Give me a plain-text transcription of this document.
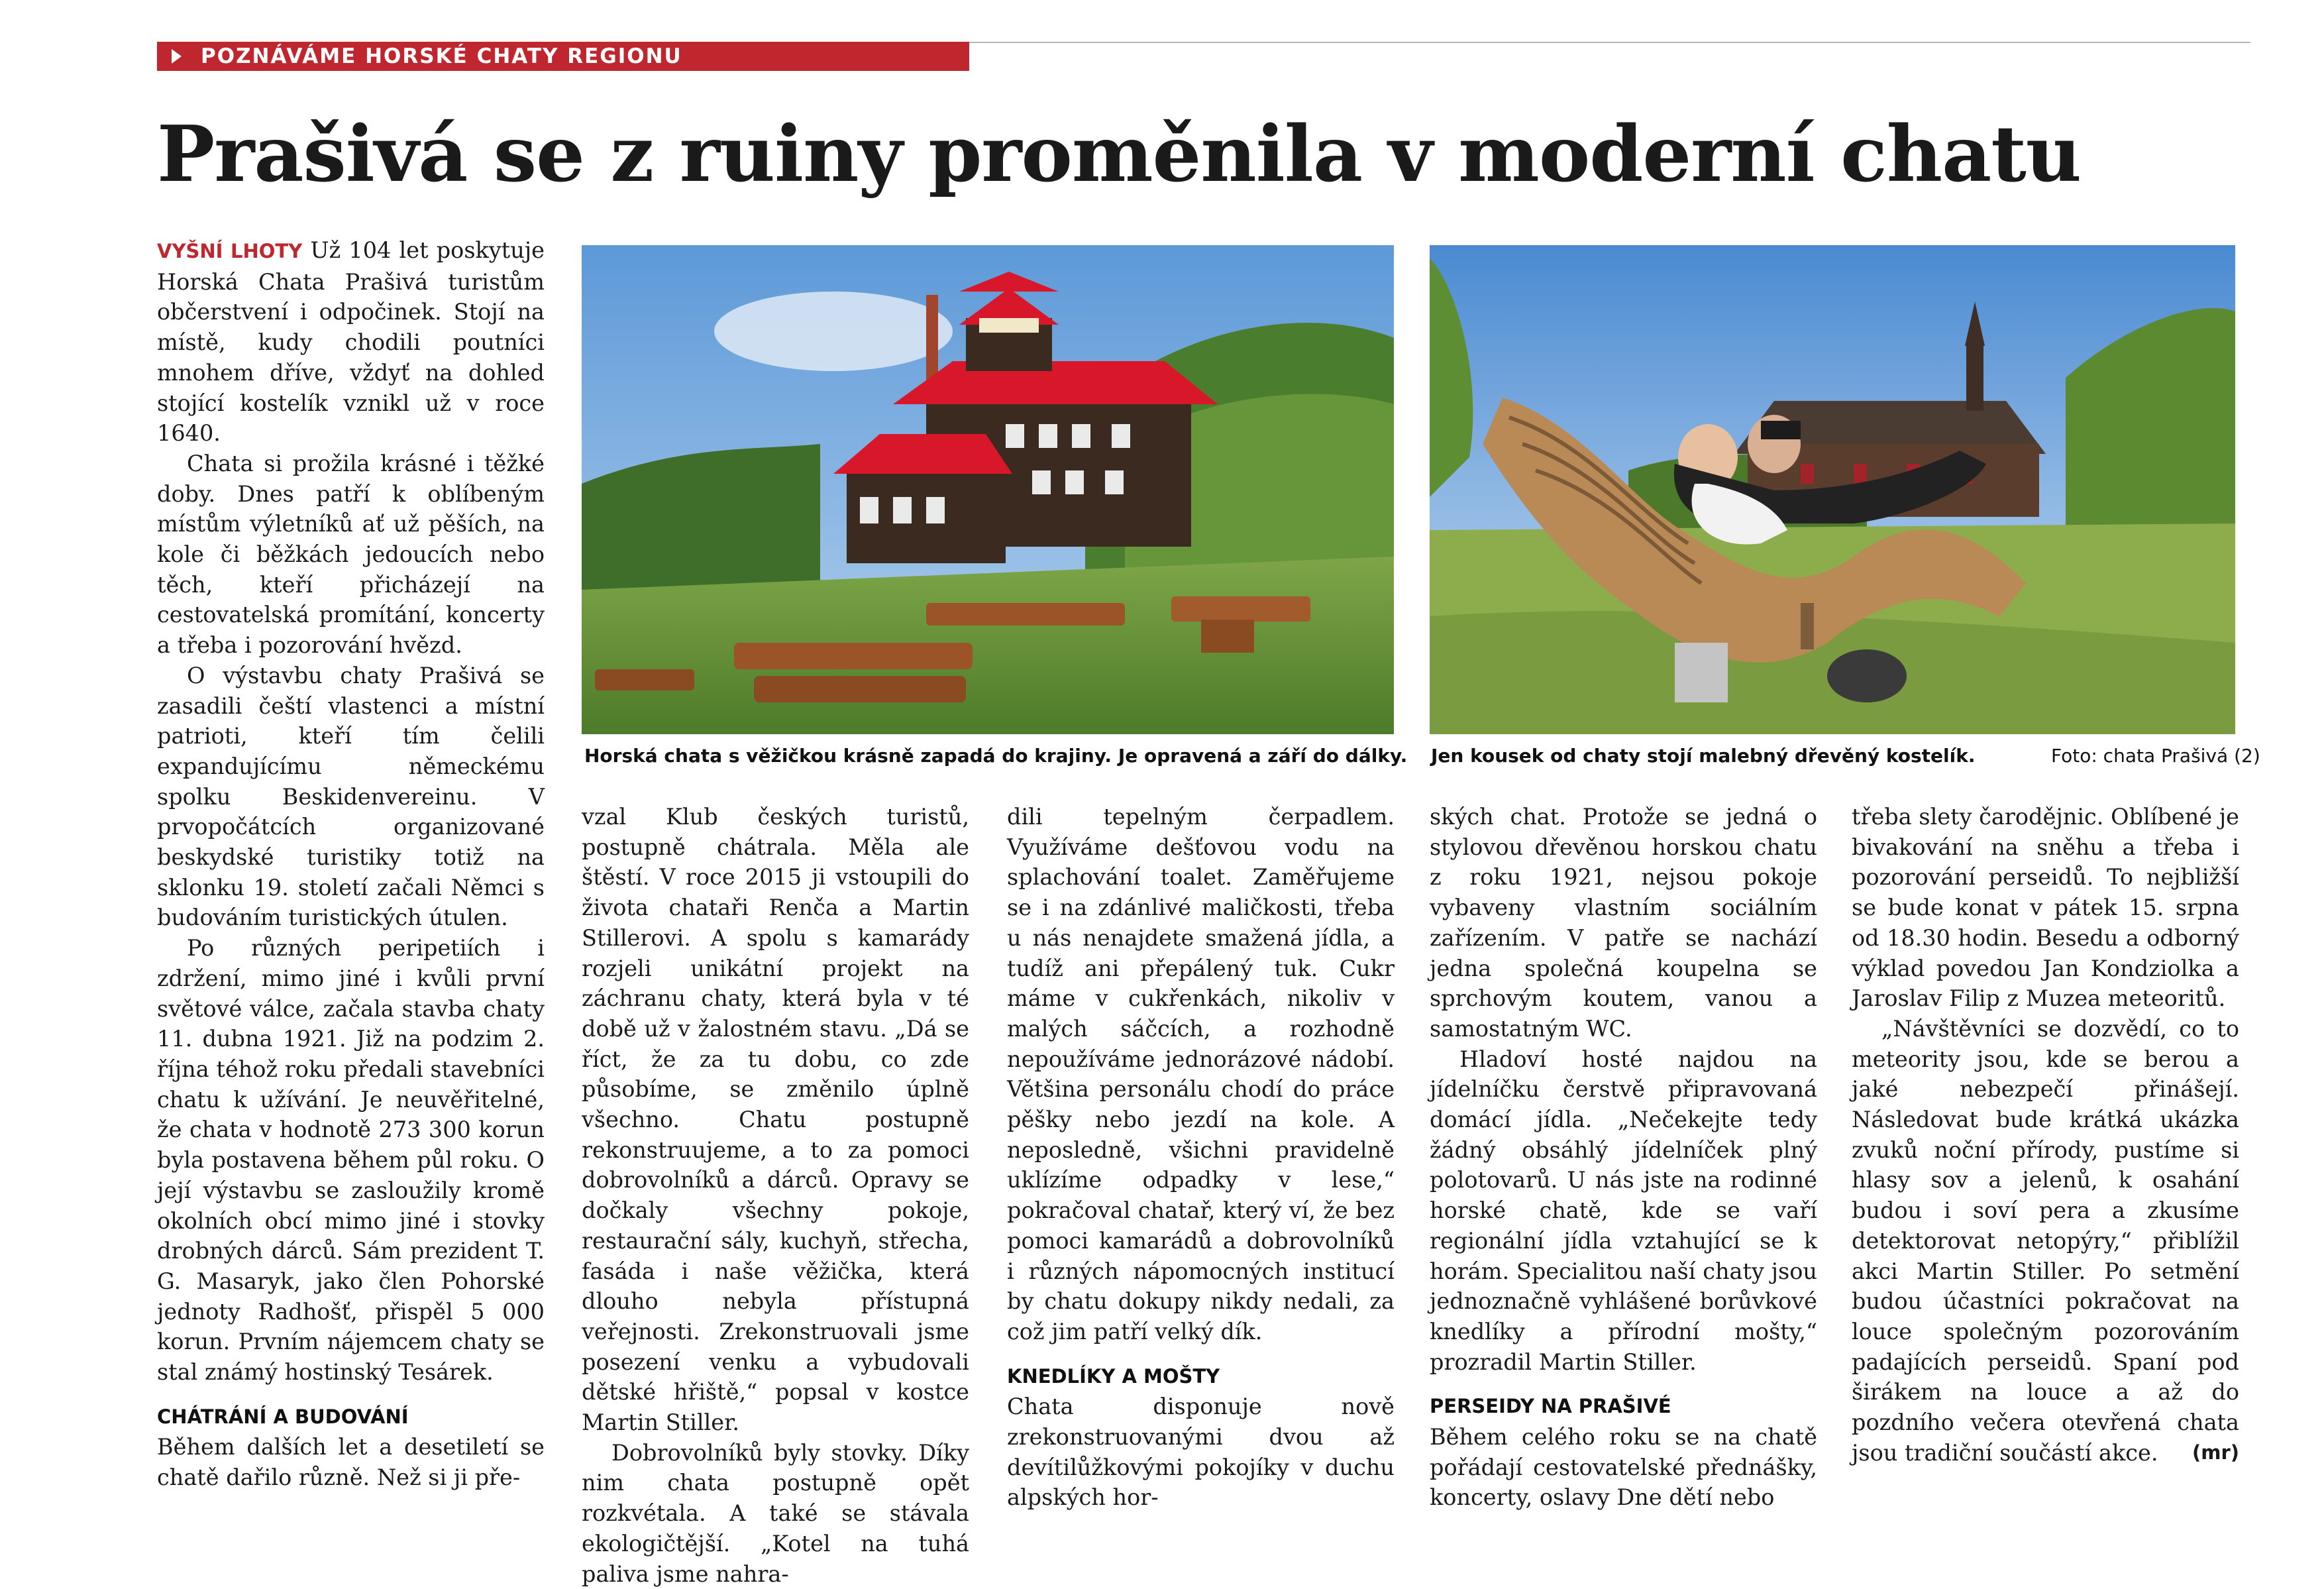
POZNÁVÁME HORSKÉ CHATY REGIONU
Prašivá se z ruiny proměnila v moderní chatu

VYŠNÍ LHOTY Už 104 let poskytuje Horská Chata Prašivá turistům občerstvení i odpočinek. Stojí na místě, kudy chodili poutníci mnohem dříve, vždyť na dohled stojící kostelík vznikl už v roce 1640.

Chata si prožila krásné i těžké doby. Dnes patří k oblíbeným místům výletníků ať už pěších, na kole či běžkách jedoucích nebo těch, kteří přicházejí na cestovatelská promítání, koncerty a třeba i pozorování hvězd.

O výstavbu chaty Prašivá se zasadili čeští vlastenci a místní patrioti, kteří tím čelili expandujícímu německému spolku Beskidenvereinu. V prvopočátcích organizované beskydské turistiky totiž na sklonku 19. století začali Němci s budováním turistických útulen.

Po různých peripetiích i zdržení, mimo jiné i kvůli první světové válce, začala stavba chaty 11. dubna 1921. Již na podzim 2. října téhož roku předali stavebníci chatu k užívání. Je neuvěřitelné, že chata v hodnotě 273 300 korun byla postavena během půl roku. O její výstavbu se zasloužily kromě okolních obcí mimo jiné i stovky drobných dárců. Sám prezident T. G. Masaryk, jako člen Pohorské jednoty Radhošť, přispěl 5 000 korun. Prvním nájemcem chaty se stal známý hostinský Tesárek.

CHÁTRÁNÍ A BUDOVÁNÍ

Během dalších let a desetiletí se chatě dařilo různě. Než si ji pře-

Horská chata s věžičkou krásně zapadá do krajiny. Je opravená a září do dálky. Jen kousek od chaty stojí malebný dřevěný kostelík.	Foto: chata Prašivá (2)

vzal Klub českých turistů, postupně chátrala. Měla ale štěstí. V roce 2015 ji vstoupili do života chataři Renča a Martin Stillerovi. A spolu s kamarády rozjeli unikátní projekt na záchranu chaty, která byla v té době už v žalostném stavu. „Dá se říct, že za tu dobu, co zde působíme, se změnilo úplně všechno. Chatu postupně rekonstruujeme, a to za pomoci dobrovolníků a dárců. Opravy se dočkaly všechny pokoje, restaurační sály, kuchyň, střecha, fasáda i naše věžička, která dlouho nebyla přístupná veřejnosti. Zrekonstruovali jsme posezení venku a vybudovali dětské hřiště,“ popsal v kostce Martin Stiller.

Dobrovolníků byly stovky. Díky nim chata postupně opět rozkvétala. A také se stávala ekologičtější. „Kotel na tuhá paliva jsme nahra-

dili tepelným čerpadlem. Využíváme dešťovou vodu na splachování toalet. Zaměřujeme se i na zdánlivé maličkosti, třeba u nás nenajdete smažená jídla, a tudíž ani přepálený tuk. Cukr máme v cukřenkách, nikoliv v malých sáčcích, a rozhodně nepoužíváme jednorázové nádobí. Většina personálu chodí do práce pěšky nebo jezdí na kole. A neposledně, všichni pravidelně uklízíme odpadky v lese,“ pokračoval chatař, který ví, že bez pomoci kamarádů a dobrovolníků i různých nápomocných institucí by chatu dokupy nikdy nedali, za což jim patří velký dík.

KNEDLÍKY A MOŠTY

Chata disponuje nově zrekonstruovanými dvou až devítilůžkovými pokojíky v duchu alpských hor-

ských chat. Protože se jedná o stylovou dřevěnou horskou chatu z roku 1921, nejsou pokoje vybaveny vlastním sociálním zařízením. V patře se nachází jedna společná koupelna se sprchovým koutem, vanou a samostatným WC.

Hladoví hosté najdou na jídelníčku čerstvě připravovaná domácí jídla. „Nečekejte tedy žádný obsáhlý jídelníček plný polotovarů. U nás jste na rodinné horské chatě, kde se vaří regionální jídla vztahující se k horám. Specialitou naší chaty jsou jednoznačně vyhlášené borůvkové knedlíky a přírodní mošty,“ prozradil Martin Stiller.

PERSEIDY NA PRAŠIVÉ

Během celého roku se na chatě pořádají cestovatelské přednášky, koncerty, oslavy Dne dětí nebo

třeba slety čarodějnic. Oblíbené je bivakování na sněhu a třeba i pozorování perseidů. To nejbližší se bude konat v pátek 15. srpna od 18.30 hodin. Besedu a odborný výklad povedou Jan Kondziolka a Jaroslav Filip z Muzea meteoritů.

„Návštěvníci se dozvědí, co to meteority jsou, kde se berou a jaké nebezpečí přinášejí. Následovat bude krátká ukázka zvuků noční přírody, pustíme si hlasy sov a jelenů, k osahání budou i soví pera a zkusíme detektorovat netopýry,“ přiblížil akci Martin Stiller. Po setmění budou účastníci pokračovat na louce společným pozorováním padajících perseidů. Spaní pod širákem na louce a až do pozdního večera otevřená chata jsou tradiční součástí akce.	(mr)
